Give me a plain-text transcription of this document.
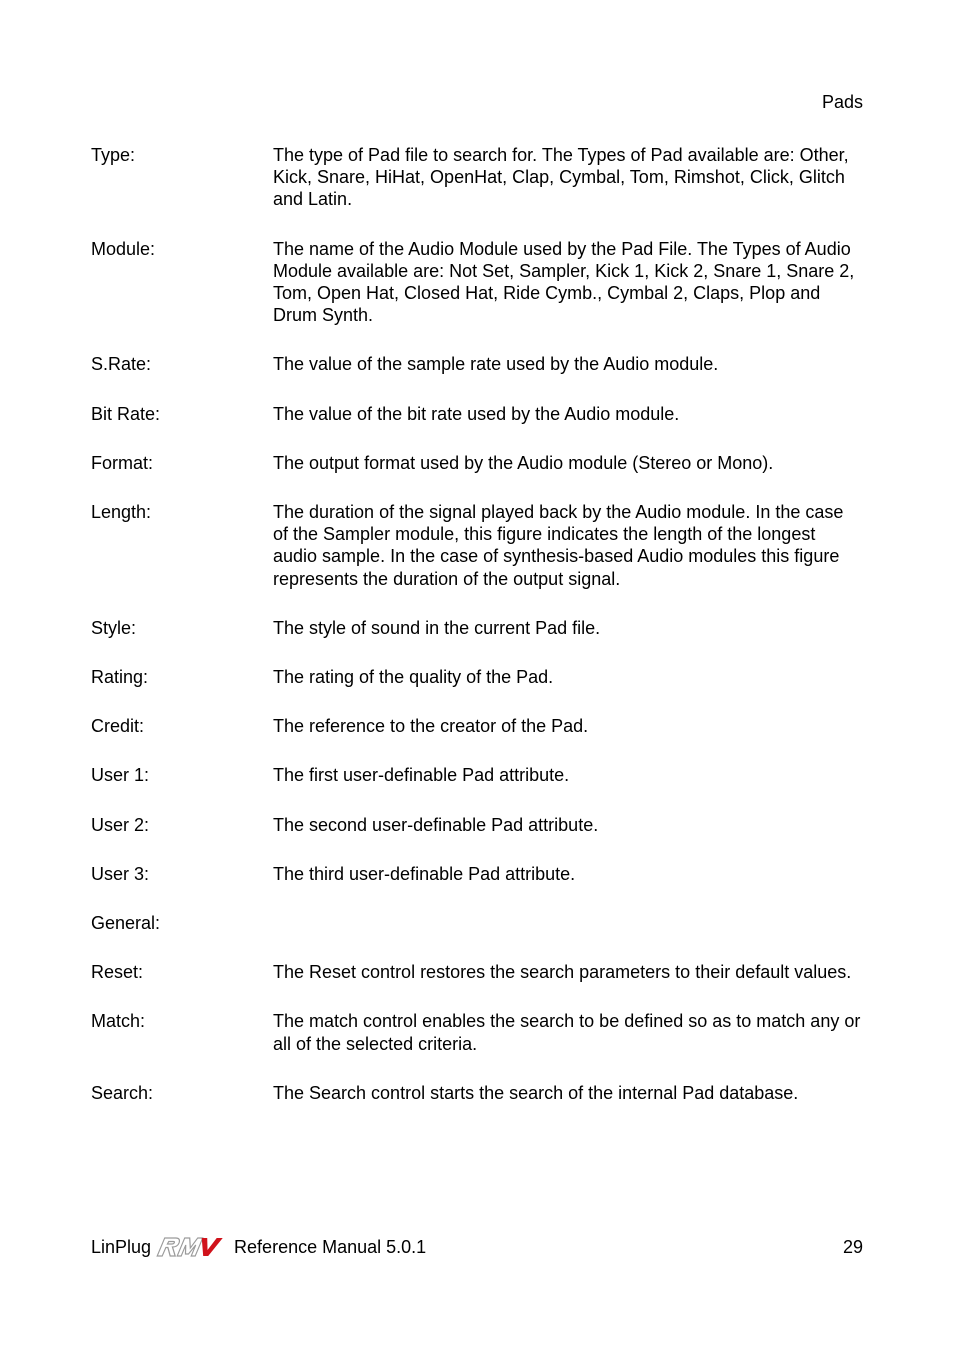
Pads
Type:	The type of Pad file to search for. The Types of Pad available are: Other, Kick, Snare, HiHat, OpenHat, Clap, Cymbal, Tom, Rimshot, Click, Glitch and Latin.
Module:	The name of the Audio Module used by the Pad File. The Types of Audio Module available are: Not Set, Sampler, Kick 1, Kick 2, Snare 1, Snare 2, Tom, Open Hat, Closed Hat, Ride Cymb., Cymbal 2, Claps, Plop and Drum Synth.
S.Rate:	The value of the sample rate used by the Audio module.
Bit Rate:	The value of the bit rate used by the Audio module.
Format:	The output format used by the Audio module (Stereo or Mono).
Length:	The duration of the signal played back by the Audio module. In the case of the Sampler module, this figure indicates the length of the longest audio sample. In the case of synthesis-based Audio modules this figure represents the duration of the output signal.
Style:	The style of sound in the current Pad file.
Rating:	The rating of the quality of the Pad.
Credit:	The reference to the creator of the Pad.
User 1:	The first user-definable Pad attribute.
User 2:	The second user-definable Pad attribute.
User 3:	The third user-definable Pad attribute.
General:
Reset:	The Reset control restores the search parameters to their default values.
Match:	The match control enables the search to be defined so as to match any or all of the selected criteria.
Search:	The Search control starts the search of the internal Pad database.
LinPlug	Reference Manual 5.0.1	29
